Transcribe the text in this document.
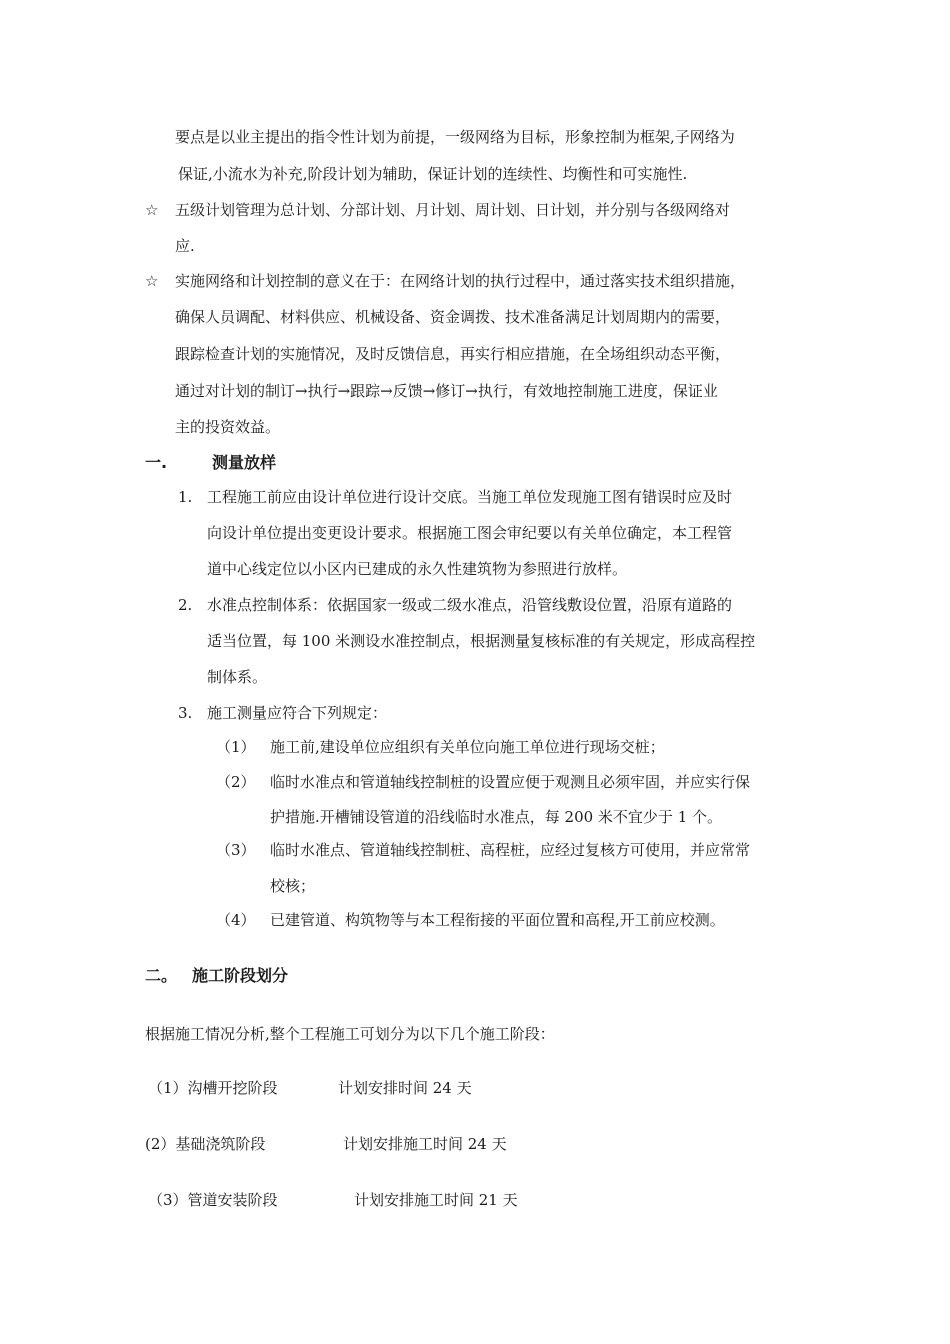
要点是以业主提出的指令性计划为前提，一级网络为目标，形象控制为框架,子网络为
保证,小流水为补充,阶段计划为辅助，保证计划的连续性、均衡性和可实施性.
☆ 五级计划管理为总计划、分部计划、月计划、周计划、日计划，并分别与各级网络对
应.
☆ 实施网络和计划控制的意义在于：在网络计划的执行过程中，通过落实技术组织措施，
确保人员调配、材料供应、机械设备、资金调拨、技术准备满足计划周期内的需要，
跟踪检查计划的实施情况，及时反馈信息，再实行相应措施，在全场组织动态平衡，
通过对计划的制订→执行→跟踪→反馈→修订→执行，有效地控制施工进度，保证业
主的投资效益。
一.	测量放样
1. 工程施工前应由设计单位进行设计交底。当施工单位发现施工图有错误时应及时
向设计单位提出变更设计要求。根据施工图会审纪要以有关单位确定，本工程管
道中心线定位以小区内已建成的永久性建筑物为参照进行放样。
2. 水准点控制体系：依据国家一级或二级水准点，沿管线敷设位置，沿原有道路的
适当位置，每 100 米测设水准控制点，根据测量复核标准的有关规定，形成高程控
制体系。
3. 施工测量应符合下列规定：
（1） 施工前,建设单位应组织有关单位向施工单位进行现场交桩；
（2） 临时水准点和管道轴线控制桩的设置应便于观测且必须牢固，并应实行保
护措施.开槽铺设管道的沿线临时水准点，每 200 米不宜少于 1 个。
（3） 临时水准点、管道轴线控制桩、高程桩，应经过复核方可使用，并应常常
校核；
（4） 已建管道、构筑物等与本工程衔接的平面位置和高程,开工前应校测。
二。 施工阶段划分
根据施工情况分析,整个工程施工可划分为以下几个施工阶段：
（1）沟槽开挖阶段	计划安排时间 24 天
(2）基础浇筑阶段	计划安排施工时间 24 天
（3）管道安装阶段	计划安排施工时间 21 天
